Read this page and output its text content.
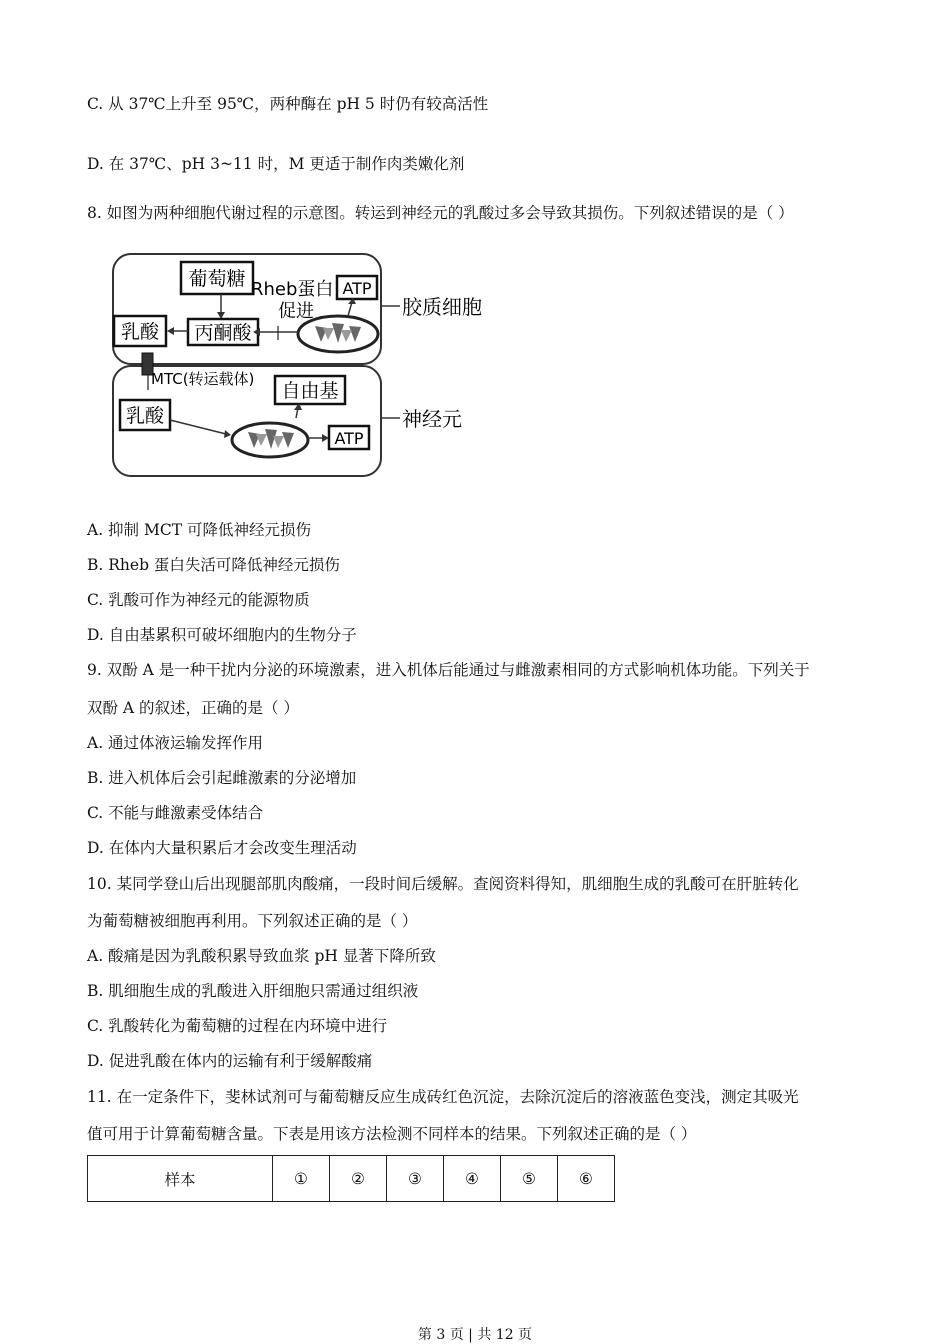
C. 从 37℃上升至 95℃，两种酶在 pH 5 时仍有较高活性
D. 在 37℃、pH 3~11 时，M 更适于制作肉类嫩化剂
8. 如图为两种细胞代谢过程的示意图。转运到神经元的乳酸过多会导致其损伤。下列叙述错误的是（ ）
葡萄糖
丙酮酸
乳酸
Rheb蛋白
促进
ATP
胶质细胞
MTC(转运载体)
自由基
乳酸
ATP
神经元
A. 抑制 MCT 可降低神经元损伤
B. Rheb 蛋白失活可降低神经元损伤
C. 乳酸可作为神经元的能源物质
D. 自由基累积可破坏细胞内的生物分子
9. 双酚 A 是一种干扰内分泌的环境激素，进入机体后能通过与雌激素相同的方式影响机体功能。下列关于
双酚 A 的叙述，正确的是（ ）
A. 通过体液运输发挥作用
B. 进入机体后会引起雌激素的分泌增加
C. 不能与雌激素受体结合
D. 在体内大量积累后才会改变生理活动
10. 某同学登山后出现腿部肌肉酸痛，一段时间后缓解。查阅资料得知，肌细胞生成的乳酸可在肝脏转化
为葡萄糖被细胞再利用。下列叙述正确的是（ ）
A. 酸痛是因为乳酸积累导致血浆 pH 显著下降所致
B. 肌细胞生成的乳酸进入肝细胞只需通过组织液
C. 乳酸转化为葡萄糖的过程在内环境中进行
D. 促进乳酸在体内的运输有利于缓解酸痛
11. 在一定条件下，斐林试剂可与葡萄糖反应生成砖红色沉淀，去除沉淀后的溶液蓝色变浅，测定其吸光
值可用于计算葡萄糖含量。下表是用该方法检测不同样本的结果。下列叙述正确的是（ ）
样本	①	②	③	④	⑤	⑥
第 3 页 | 共 12 页
